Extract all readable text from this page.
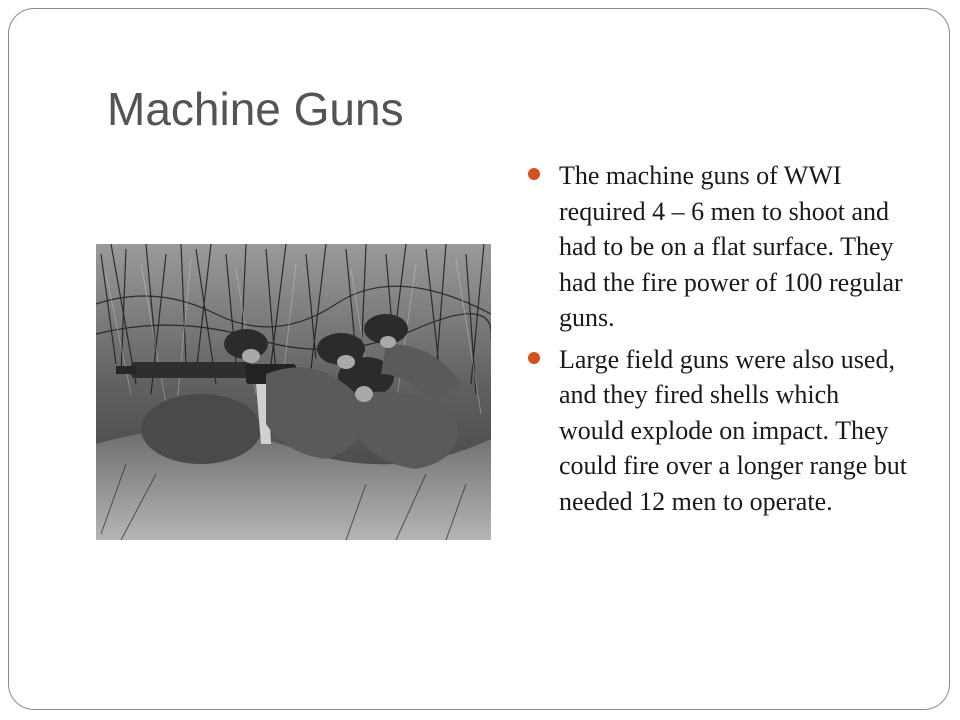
Machine Guns
The machine guns of WWI required 4 – 6 men to shoot and had to be on a flat surface. They had the fire power of 100 regular guns.
Large field guns were also used, and they fired shells which would explode on impact. They could fire over a longer range but needed 12 men to operate.
